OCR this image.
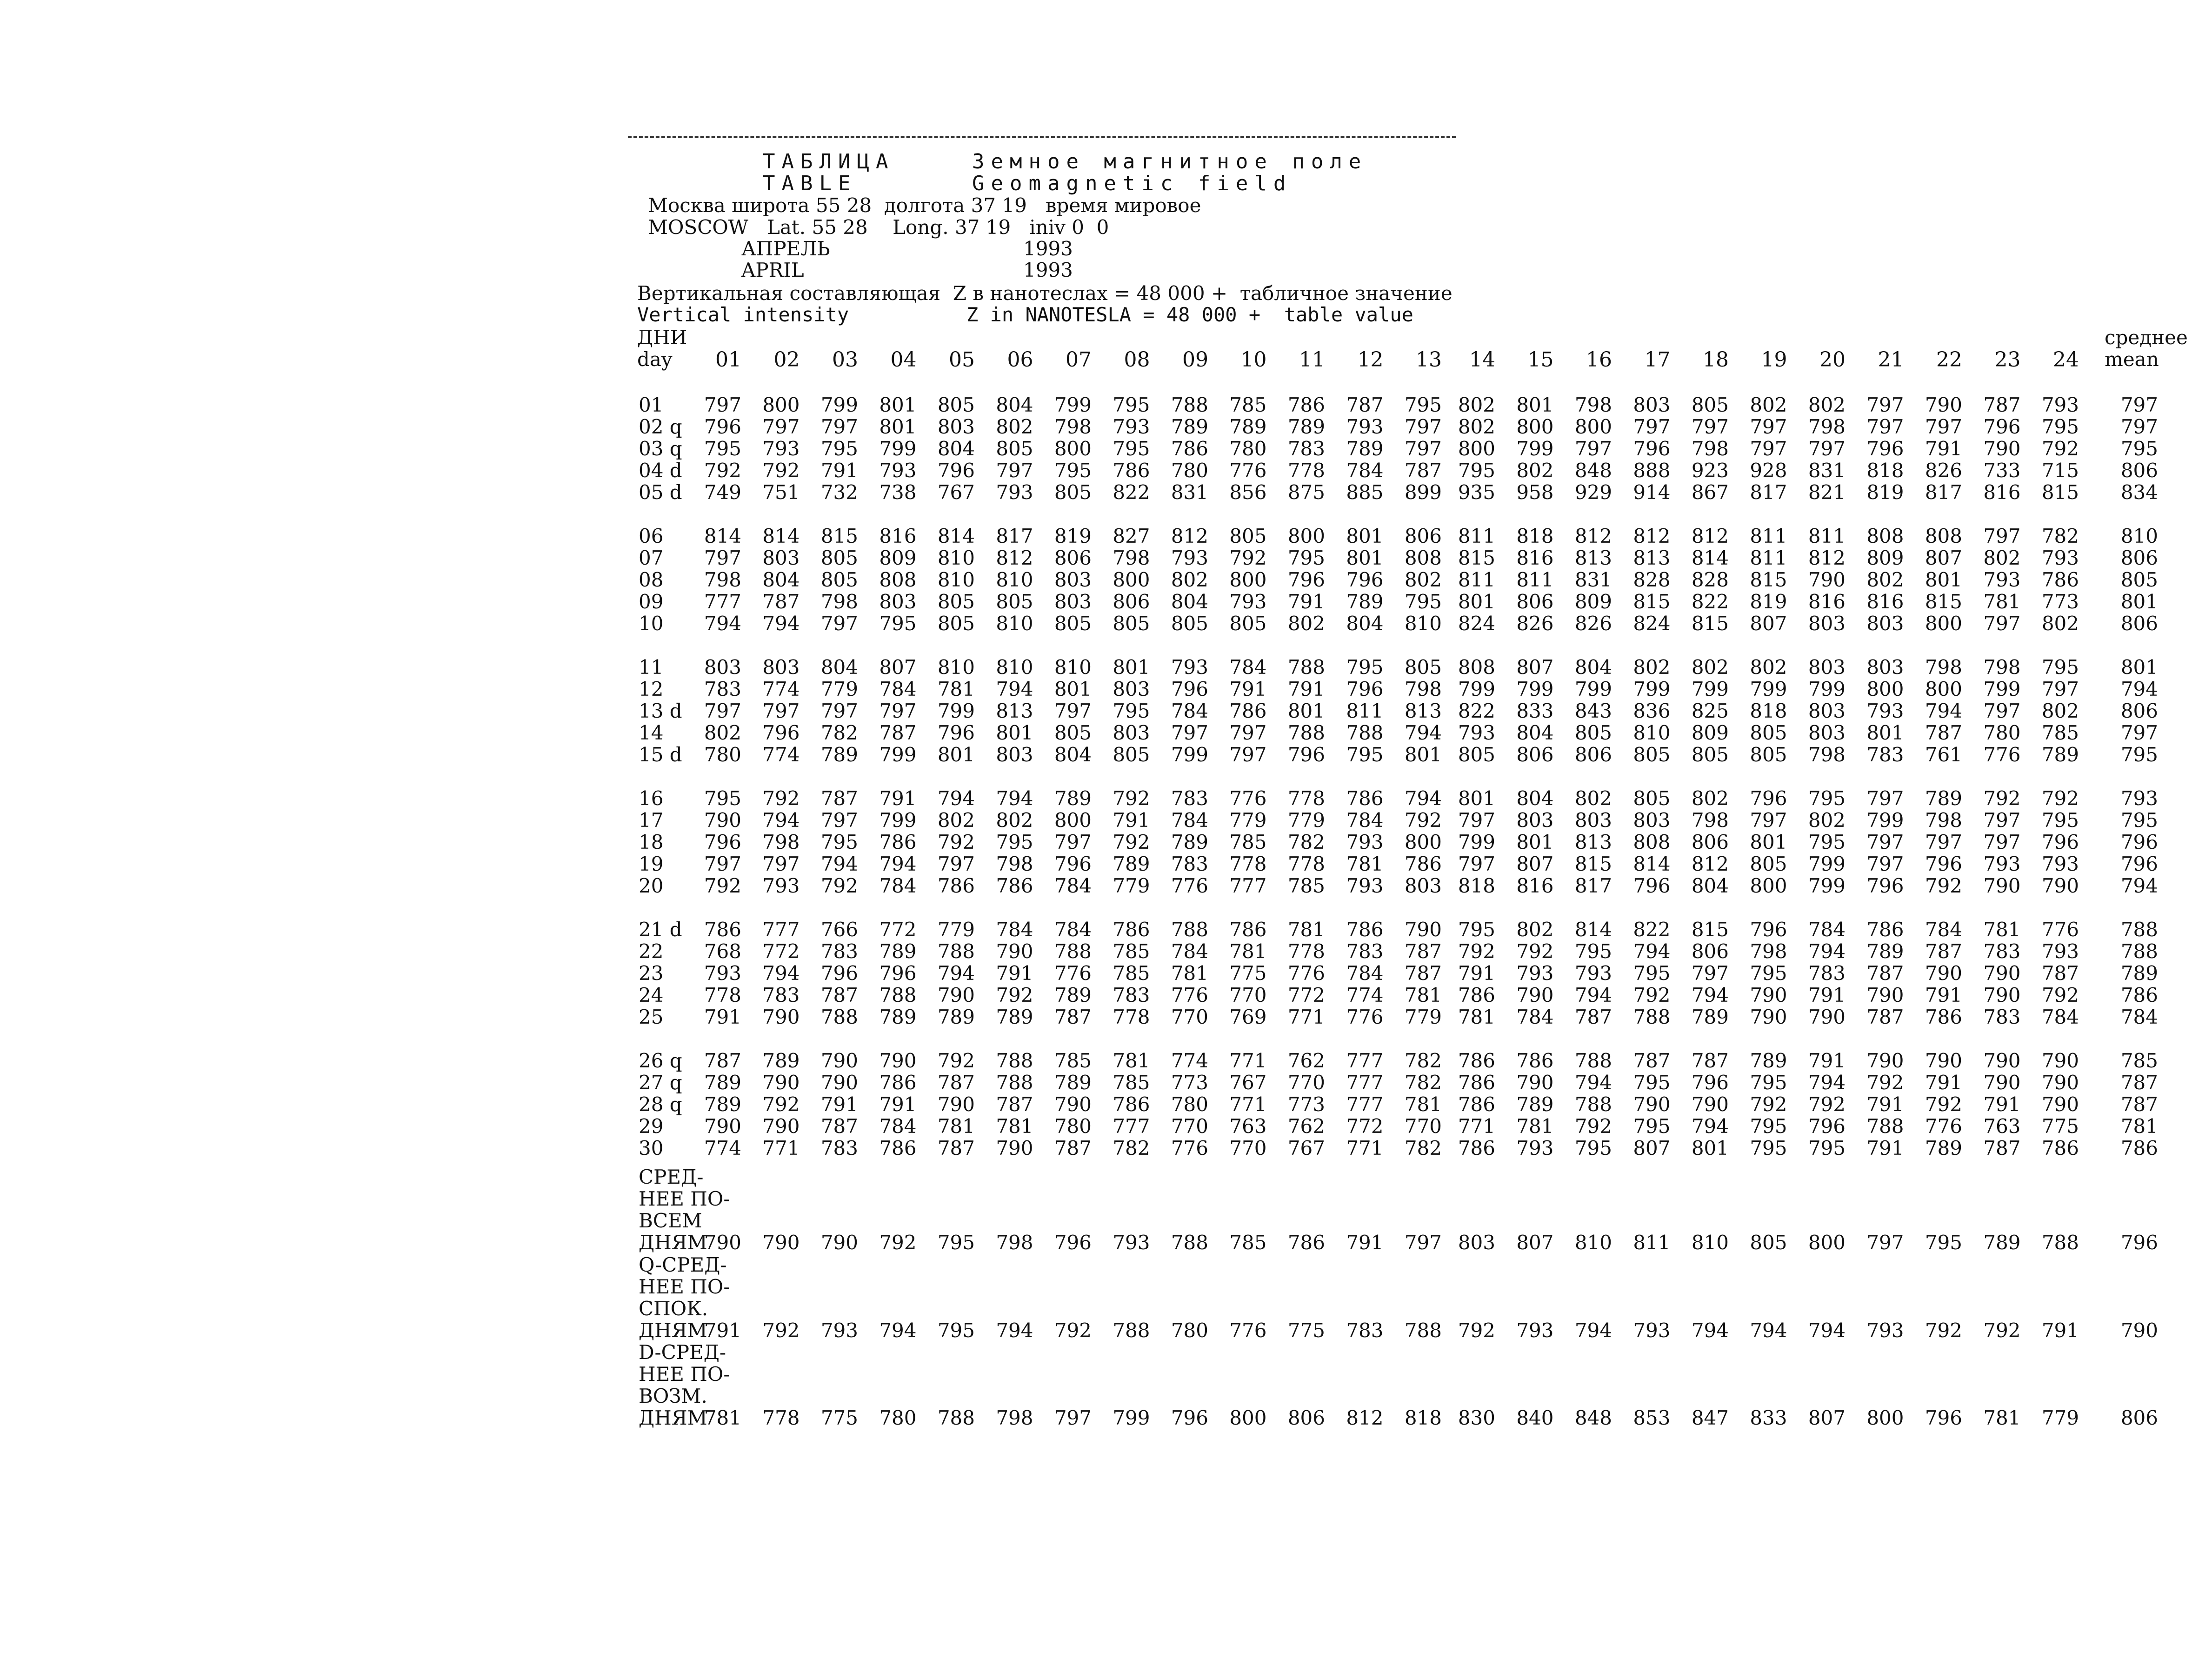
ТАБЛИЦА	Земное магнитное поле
TABLE	Geomagnetic field
Москва широта 55 28  долгота 37 19   время мировое
MOSCOW   Lat. 55 28    Long. 37 19   iniv 0  0
АПРЕЛЬ	1993
APRIL	1993
Вертикальная составляющая  Z в нанотеслах = 48 000 +  табличное значение
Vertical intensity          Z in NANOTESLA = 48 000 +  table value
ДНИ
day
среднее
mean
01	02	03	04	05	06	07	08	09	10	11	12	13	14	15	16	17	18	19	20	21	22	23	24
01	797	800	799	801	805	804	799	795	788	785	786	787	795 802	801	798	803	805	802	802	797	790	787	793	797
02 q	796	797	797	801	803	802	798	793	789	789	789	793	797 802	800	800	797	797	797	798	797	797	796	795	797
03 q	795	793	795	799	804	805	800	795	786	780	783	789	797 800	799	797	796	798	797	797	796	791	790	792	795
04 d	792	792	791	793	796	797	795	786	780	776	778	784	787 795	802	848	888	923	928	831	818	826	733	715	806
05 d	749	751	732	738	767	793	805	822	831	856	875	885	899 935	958	929	914	867	817	821	819	817	816	815	834
06	814	814	815	816	814	817	819	827	812	805	800	801	806 811	818	812	812	812	811	811	808	808	797	782	810
07	797	803	805	809	810	812	806	798	793	792	795	801	808 815	816	813	813	814	811	812	809	807	802	793	806
08	798	804	805	808	810	810	803	800	802	800	796	796	802 811	811	831	828	828	815	790	802	801	793	786	805
09	777	787	798	803	805	805	803	806	804	793	791	789	795 801	806	809	815	822	819	816	816	815	781	773	801
10	794	794	797	795	805	810	805	805	805	805	802	804	810 824	826	826	824	815	807	803	803	800	797	802	806
11	803	803	804	807	810	810	810	801	793	784	788	795	805 808	807	804	802	802	802	803	803	798	798	795	801
12	783	774	779	784	781	794	801	803	796	791	791	796	798 799	799	799	799	799	799	799	800	800	799	797	794
13 d	797	797	797	797	799	813	797	795	784	786	801	811	813 822	833	843	836	825	818	803	793	794	797	802	806
14	802	796	782	787	796	801	805	803	797	797	788	788	794 793	804	805	810	809	805	803	801	787	780	785	797
15 d	780	774	789	799	801	803	804	805	799	797	796	795	801 805	806	806	805	805	805	798	783	761	776	789	795
16	795	792	787	791	794	794	789	792	783	776	778	786	794 801	804	802	805	802	796	795	797	789	792	792	793
17	790	794	797	799	802	802	800	791	784	779	779	784	792 797	803	803	803	798	797	802	799	798	797	795	795
18	796	798	795	786	792	795	797	792	789	785	782	793	800 799	801	813	808	806	801	795	797	797	797	796	796
19	797	797	794	794	797	798	796	789	783	778	778	781	786 797	807	815	814	812	805	799	797	796	793	793	796
20	792	793	792	784	786	786	784	779	776	777	785	793	803 818	816	817	796	804	800	799	796	792	790	790	794
21 d	786	777	766	772	779	784	784	786	788	786	781	786	790 795	802	814	822	815	796	784	786	784	781	776	788
22	768	772	783	789	788	790	788	785	784	781	778	783	787 792	792	795	794	806	798	794	789	787	783	793	788
23	793	794	796	796	794	791	776	785	781	775	776	784	787 791	793	793	795	797	795	783	787	790	790	787	789
24	778	783	787	788	790	792	789	783	776	770	772	774	781 786	790	794	792	794	790	791	790	791	790	792	786
25	791	790	788	789	789	789	787	778	770	769	771	776	779 781	784	787	788	789	790	790	787	786	783	784	784
26 q	787	789	790	790	792	788	785	781	774	771	762	777	782 786	786	788	787	787	789	791	790	790	790	790	785
27 q	789	790	790	786	787	788	789	785	773	767	770	777	782 786	790	794	795	796	795	794	792	791	790	790	787
28 q	789	792	791	791	790	787	790	786	780	771	773	777	781 786	789	788	790	790	792	792	791	792	791	790	787
29	790	790	787	784	781	781	780	777	770	763	762	772	770 771	781	792	795	794	795	796	788	776	763	775	781
30	774	771	783	786	787	790	787	782	776	770	767	771	782 786	793	795	807	801	795	795	791	789	787	786	786
СРЕД-
НЕЕ ПО-
ВСЕМ
ДНЯМ
790	790	790	792	795	798	796	793	788	785	786	791	797 803	807	810	811	810	805	800	797	795	789	788	796
Q-СРЕД-
НЕЕ ПО-
СПОК.
ДНЯМ
791	792	793	794	795	794	792	788	780	776	775	783	788 792	793	794	793	794	794	794	793	792	792	791	790
D-СРЕД-
НЕЕ ПО-
ВОЗМ.
ДНЯМ
781	778	775	780	788	798	797	799	796	800	806	812	818 830	840	848	853	847	833	807	800	796	781	779	806
